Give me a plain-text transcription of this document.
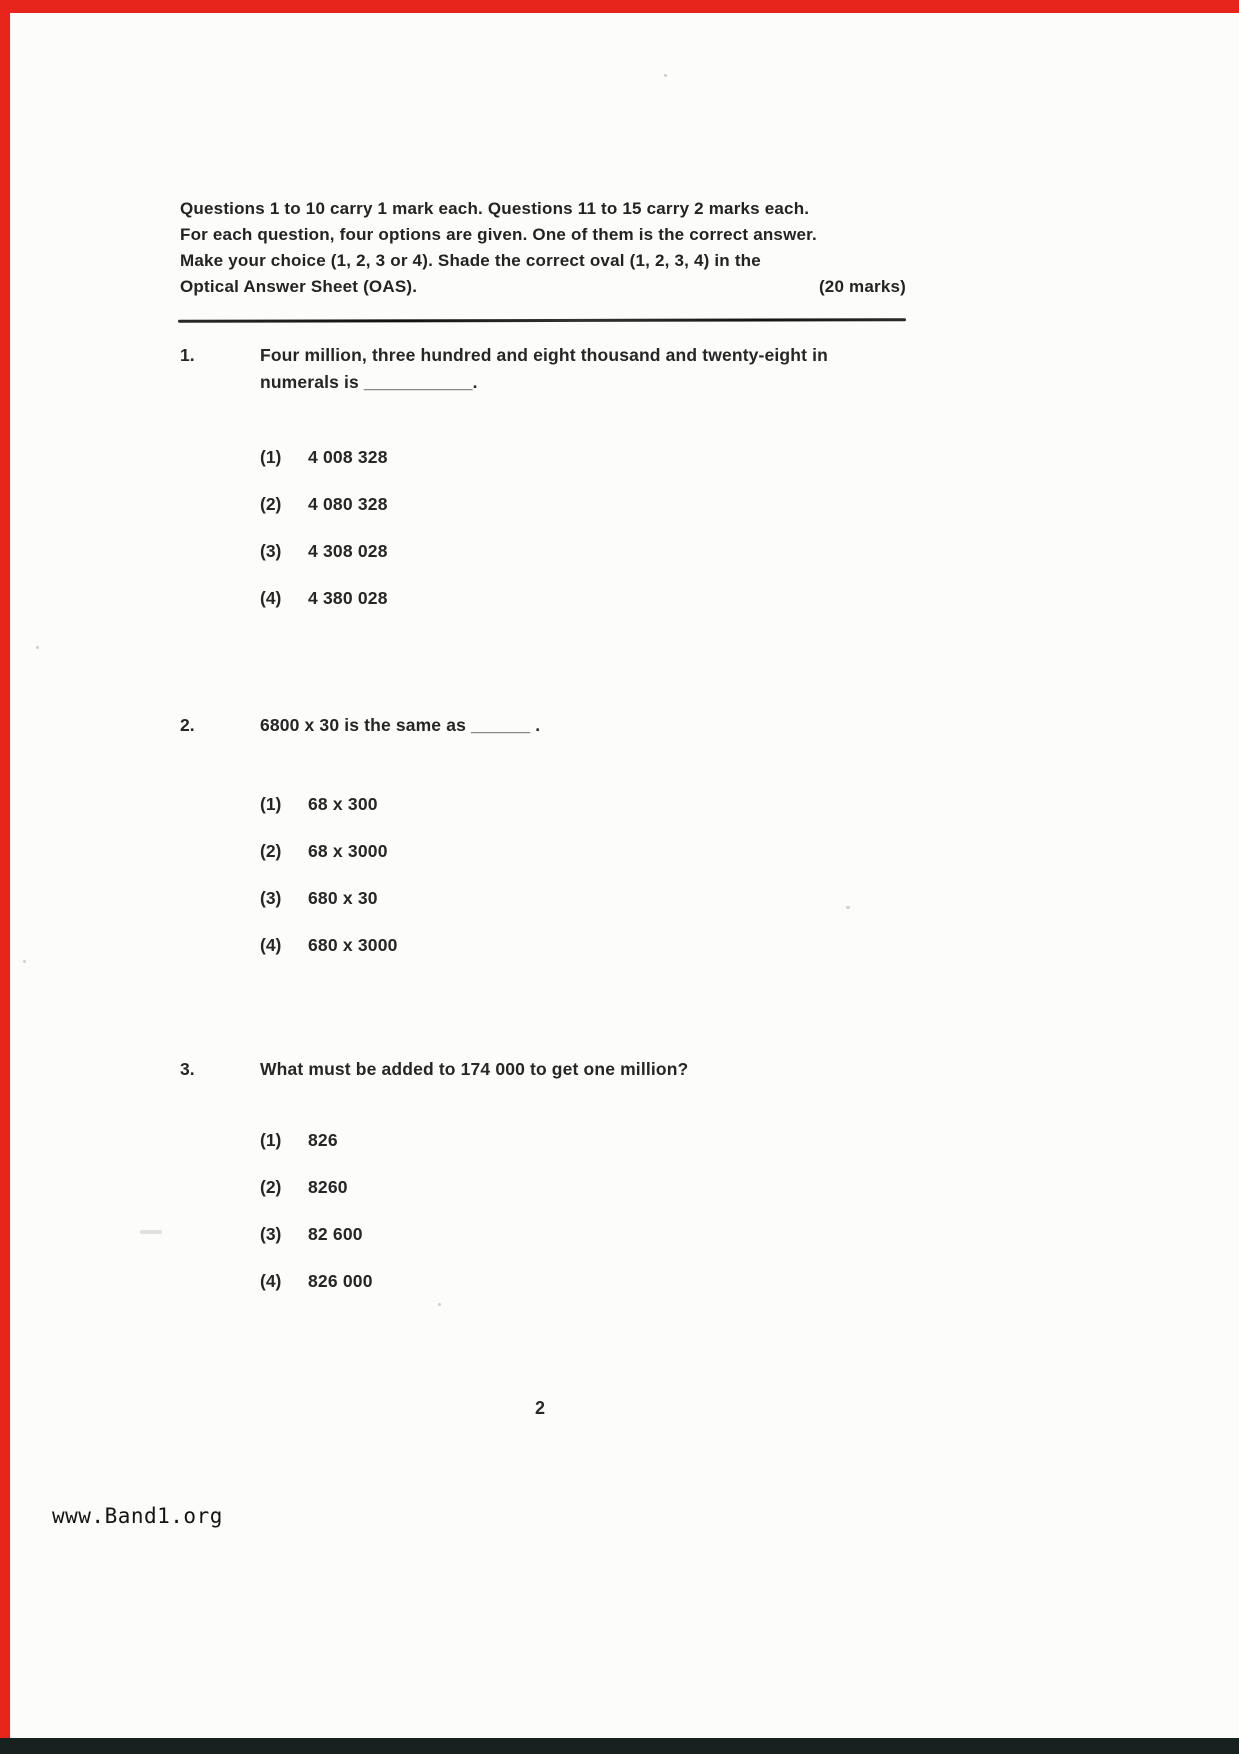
Questions 1 to 10 carry 1 mark each. Questions 11 to 15 carry 2 marks each.
For each question, four options are given. One of them is the correct answer.
Make your choice (1, 2, 3 or 4). Shade the correct oval (1, 2, 3, 4) in the
Optical Answer Sheet (OAS).	(20 marks)
1.	Four million, three hundred and eight thousand and twenty-eight in numerals is ___________.
(1)	4 008 328
(2)	4 080 328
(3)	4 308 028
(4)	4 380 028
2.	6800 x 30 is the same as ______ .
(1)	68 x 300
(2)	68 x 3000
(3)	680 x 30
(4)	680 x 3000
3.	What must be added to 174 000 to get one million?
(1)	826
(2)	8260
(3)	82 600
(4)	826 000
2
www.Band1.org
